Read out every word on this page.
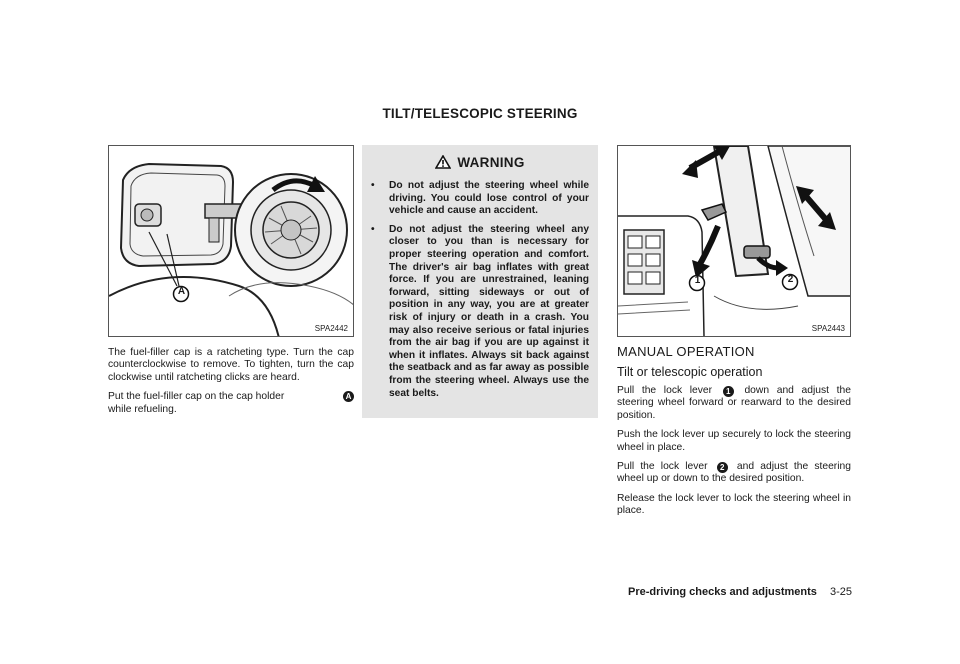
TILT/TELESCOPIC STEERING
A
SPA2442

The fuel-filler cap is a ratcheting type. Turn the cap counterclockwise to remove. To tighten, turn the cap clockwise until ratcheting clicks are heard.

Put the fuel-filler cap on the cap holder	A

while refueling.

WARNING
•	Do not adjust the steering wheel while driving. You could lose control of your vehicle and cause an accident.
•	Do not adjust the steering wheel any closer to you than is necessary for proper steering operation and comfort. The driver's air bag inflates with great force. If you are unrestrained, leaning forward, sitting sideways or out of position in any way, you are at greater risk of injury or death in a crash. You may also receive serious or fatal injuries from the air bag if you are up against it when it inflates. Always sit back against the seatback and as far away as possible from the steering wheel. Always use the seat belts.
1	2
SPA2443
MANUAL OPERATION
Tilt or telescopic operation

Pull the lock lever 1 down and adjust the steering wheel forward or rearward to the desired position.

Push the lock lever up securely to lock the steering wheel in place.

Pull the lock lever 2 and adjust the steering wheel up or down to the desired position.

Release the lock lever to lock the steering wheel in place.

Pre-driving checks and adjustments 3-25
